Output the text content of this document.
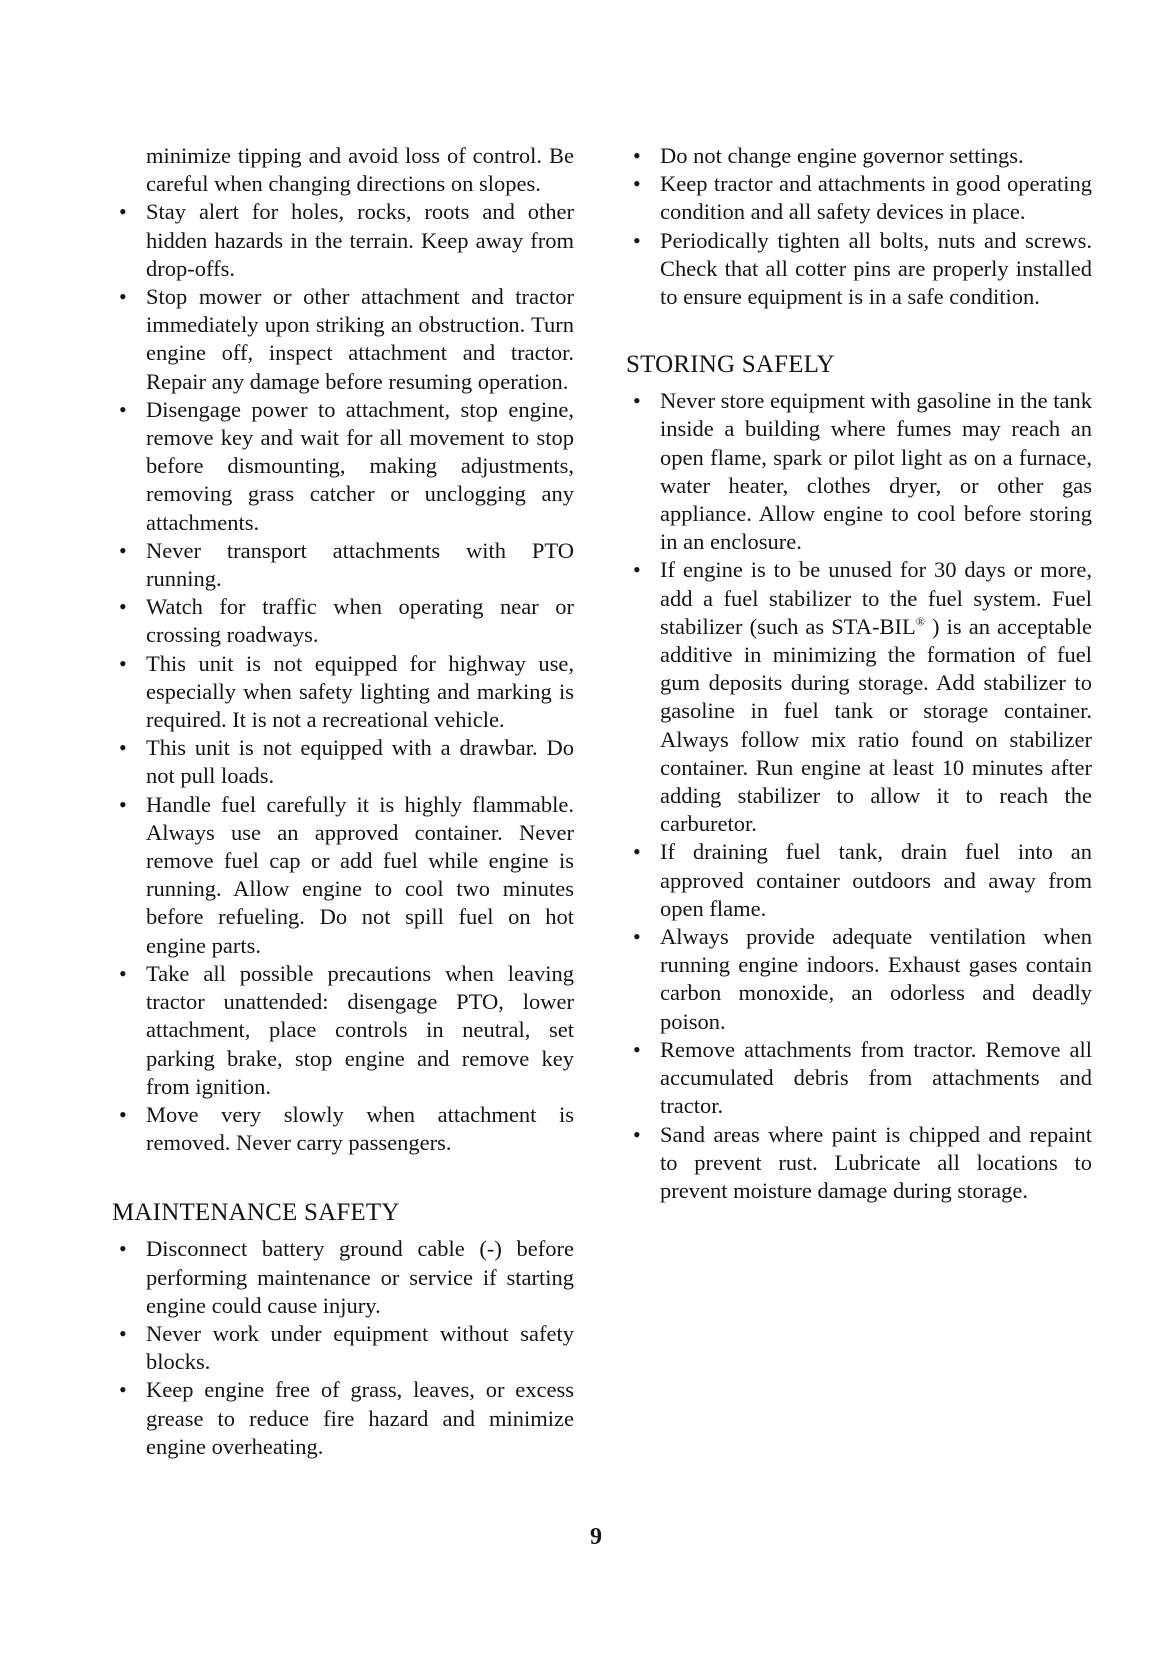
minimize tipping and avoid loss of control. Be careful when changing directions on slopes.

• Stay alert for holes, rocks, roots and other hidden hazards in the terrain. Keep away from drop-offs.
• Stop mower or other attachment and tractor immediately upon striking an obstruction. Turn engine off, inspect attachment and tractor. Repair any damage before resuming operation.
• Disengage power to attachment, stop engine, remove key and wait for all movement to stop before dismounting, making adjustments, removing grass catcher or unclogging any attachments.
• Never transport attachments with PTO running.
• Watch for traffic when operating near or crossing roadways.
• This unit is not equipped for highway use, especially when safety lighting and marking is required. It is not a recreational vehicle.
• This unit is not equipped with a drawbar. Do not pull loads.
• Handle fuel carefully it is highly flammable. Always use an approved container. Never remove fuel cap or add fuel while engine is running. Allow engine to cool two minutes before refueling. Do not spill fuel on hot engine parts.
• Take all possible precautions when leaving tractor unattended: disengage PTO, lower attachment, place controls in neutral, set parking brake, stop engine and remove key from ignition.
• Move very slowly when attachment is removed. Never carry passengers.
MAINTENANCE SAFETY
• Disconnect battery ground cable (-) before performing maintenance or service if starting engine could cause injury.
• Never work under equipment without safety blocks.
• Keep engine free of grass, leaves, or excess grease to reduce fire hazard and minimize engine overheating.
• Do not change engine governor settings.
• Keep tractor and attachments in good operating condition and all safety devices in place.
• Periodically tighten all bolts, nuts and screws. Check that all cotter pins are properly installed to ensure equipment is in a safe condition.
STORING SAFELY
• Never store equipment with gasoline in the tank inside a building where fumes may reach an open flame, spark or pilot light as on a furnace, water heater, clothes dryer, or other gas appliance. Allow engine to cool before storing in an enclosure.
• If engine is to be unused for 30 days or more, add a fuel stabilizer to the fuel system. Fuel stabilizer (such as STA-BIL® ) is an acceptable additive in minimizing the formation of fuel gum deposits during storage. Add stabilizer to gasoline in fuel tank or storage container. Always follow mix ratio found on stabilizer container. Run engine at least 10 minutes after adding stabilizer to allow it to reach the carburetor.
• If draining fuel tank, drain fuel into an approved container outdoors and away from open flame.
• Always provide adequate ventilation when running engine indoors. Exhaust gases contain carbon monoxide, an odorless and deadly poison.
• Remove attachments from tractor. Remove all accumulated debris from attachments and tractor.
• Sand areas where paint is chipped and repaint to prevent rust. Lubricate all locations to prevent moisture damage during storage.
9
